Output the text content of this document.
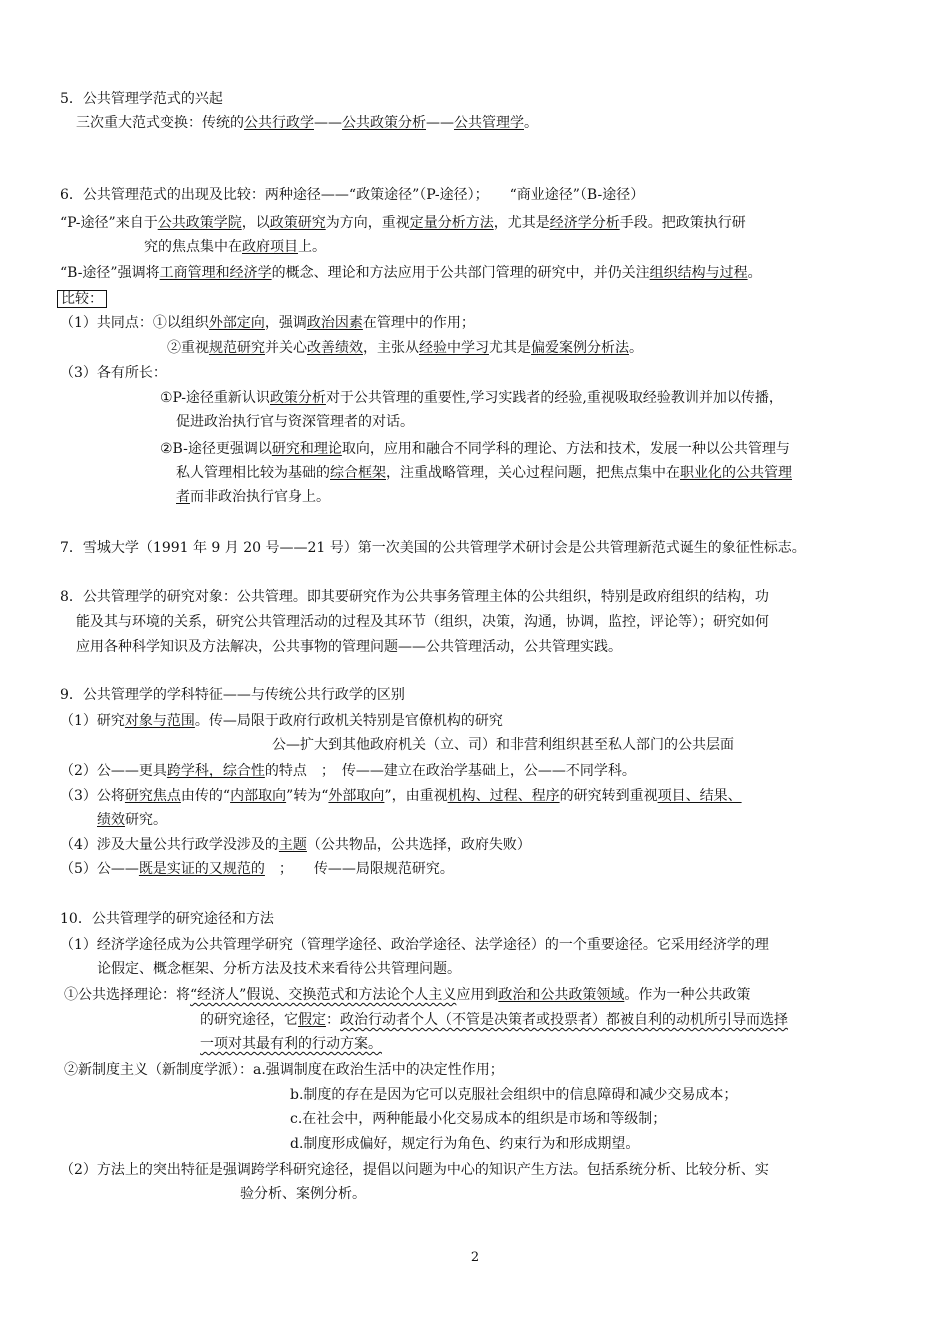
5．公共管理学范式的兴起
三次重大范式变换：传统的公共行政学——公共政策分析——公共管理学。
6．公共管理范式的出现及比较：两种途径——“政策途径”（P-途径）；　　“商业途径”（B-途径）
“P-途径”来自于公共政策学院，以政策研究为方向，重视定量分析方法，尤其是经济学分析手段。把政策执行研
究的焦点集中在政府项目上。
“B-途径”强调将工商管理和经济学的概念、理论和方法应用于公共部门管理的研究中，并仍关注组织结构与过程。
比较：
（1）共同点：①以组织外部定向，强调政治因素在管理中的作用；
②重视规范研究并关心改善绩效，主张从经验中学习尤其是偏爱案例分析法。
（3）各有所长：
①P-途径重新认识政策分析对于公共管理的重要性,学习实践者的经验,重视吸取经验教训并加以传播，
促进政治执行官与资深管理者的对话。
②B-途径更强调以研究和理论取向，应用和融合不同学科的理论、方法和技术，发展一种以公共管理与
私人管理相比较为基础的综合框架，注重战略管理，关心过程问题，把焦点集中在职业化的公共管理
者而非政治执行官身上。
7．雪城大学（1991 年 9 月 20 号——21 号）第一次美国的公共管理学术研讨会是公共管理新范式诞生的象征性标志。
8．公共管理学的研究对象：公共管理。即其要研究作为公共事务管理主体的公共组织，特别是政府组织的结构，功
能及其与环境的关系，研究公共管理活动的过程及其环节（组织，决策，沟通，协调，监控，评论等）；研究如何
应用各种科学知识及方法解决，公共事物的管理问题——公共管理活动，公共管理实践。
9．公共管理学的学科特征——与传统公共行政学的区别
（1）研究对象与范围。传—局限于政府行政机关特别是官僚机构的研究
公—扩大到其他政府机关（立、司）和非营利组织甚至私人部门的公共层面
（2）公——更具跨学科，综合性的特点　；　传——建立在政治学基础上，公——不同学科。
（3）公将研究焦点由传的“内部取向”转为“外部取向”，由重视机构、过程、程序的研究转到重视项目、结果、
绩效研究。
（4）涉及大量公共行政学没涉及的主题（公共物品，公共选择，政府失败）
（5）公——既是实证的又规范的　；　　传——局限规范研究。
10．公共管理学的研究途径和方法
（1）经济学途径成为公共管理学研究（管理学途径、政治学途径、法学途径）的一个重要途径。它采用经济学的理
论假定、概念框架、分析方法及技术来看待公共管理问题。
①公共选择理论：将“经济人”假说、交换范式和方法论个人主义应用到政治和公共政策领域。作为一种公共政策
的研究途径，它假定：政治行动者个人（不管是决策者或投票者）都被自利的动机所引导而选择
一项对其最有利的行动方案。
②新制度主义（新制度学派）：a.强调制度在政治生活中的决定性作用；
b.制度的存在是因为它可以克服社会组织中的信息障碍和减少交易成本；
c.在社会中，两种能最小化交易成本的组织是市场和等级制；
d.制度形成偏好，规定行为角色、约束行为和形成期望。
（2）方法上的突出特征是强调跨学科研究途径，提倡以问题为中心的知识产生方法。包括系统分析、比较分析、实
验分析、案例分析。
2
